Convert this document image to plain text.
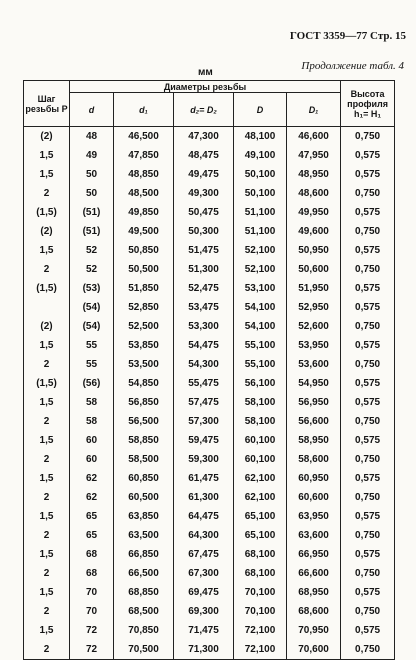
ГОСТ 3359—77 Стр. 15
мм
Продолжение табл. 4
Шаг резьбы P	Диаметры резьбы					Высота профиля h₁= H₁
	d	d₁	d₂= D₂	D	D₁	
(2)	48	46,500	47,300	48,100	46,600	0,750
1,5	49	47,850	48,475	49,100	47,950	0,575
1,5	50	48,850	49,475	50,100	48,950	0,575
2	50	48,500	49,300	50,100	48,600	0,750
(1,5)	(51)	49,850	50,475	51,100	49,950	0,575
(2)	(51)	49,500	50,300	51,100	49,600	0,750
1,5	52	50,850	51,475	52,100	50,950	0,575
2	52	50,500	51,300	52,100	50,600	0,750
(1,5)	(53)	51,850	52,475	53,100	51,950	0,575
	(54)	52,850	53,475	54,100	52,950	0,575
(2)	(54)	52,500	53,300	54,100	52,600	0,750
1,5	55	53,850	54,475	55,100	53,950	0,575
2	55	53,500	54,300	55,100	53,600	0,750
(1,5)	(56)	54,850	55,475	56,100	54,950	0,575
1,5	58	56,850	57,475	58,100	56,950	0,575
2	58	56,500	57,300	58,100	56,600	0,750
1,5	60	58,850	59,475	60,100	58,950	0,575
2	60	58,500	59,300	60,100	58,600	0,750
1,5	62	60,850	61,475	62,100	60,950	0,575
2	62	60,500	61,300	62,100	60,600	0,750
1,5	65	63,850	64,475	65,100	63,950	0,575
2	65	63,500	64,300	65,100	63,600	0,750
1,5	68	66,850	67,475	68,100	66,950	0,575
2	68	66,500	67,300	68,100	66,600	0,750
1,5	70	68,850	69,475	70,100	68,950	0,575
2	70	68,500	69,300	70,100	68,600	0,750
1,5	72	70,850	71,475	72,100	70,950	0,575
2	72	70,500	71,300	72,100	70,600	0,750
